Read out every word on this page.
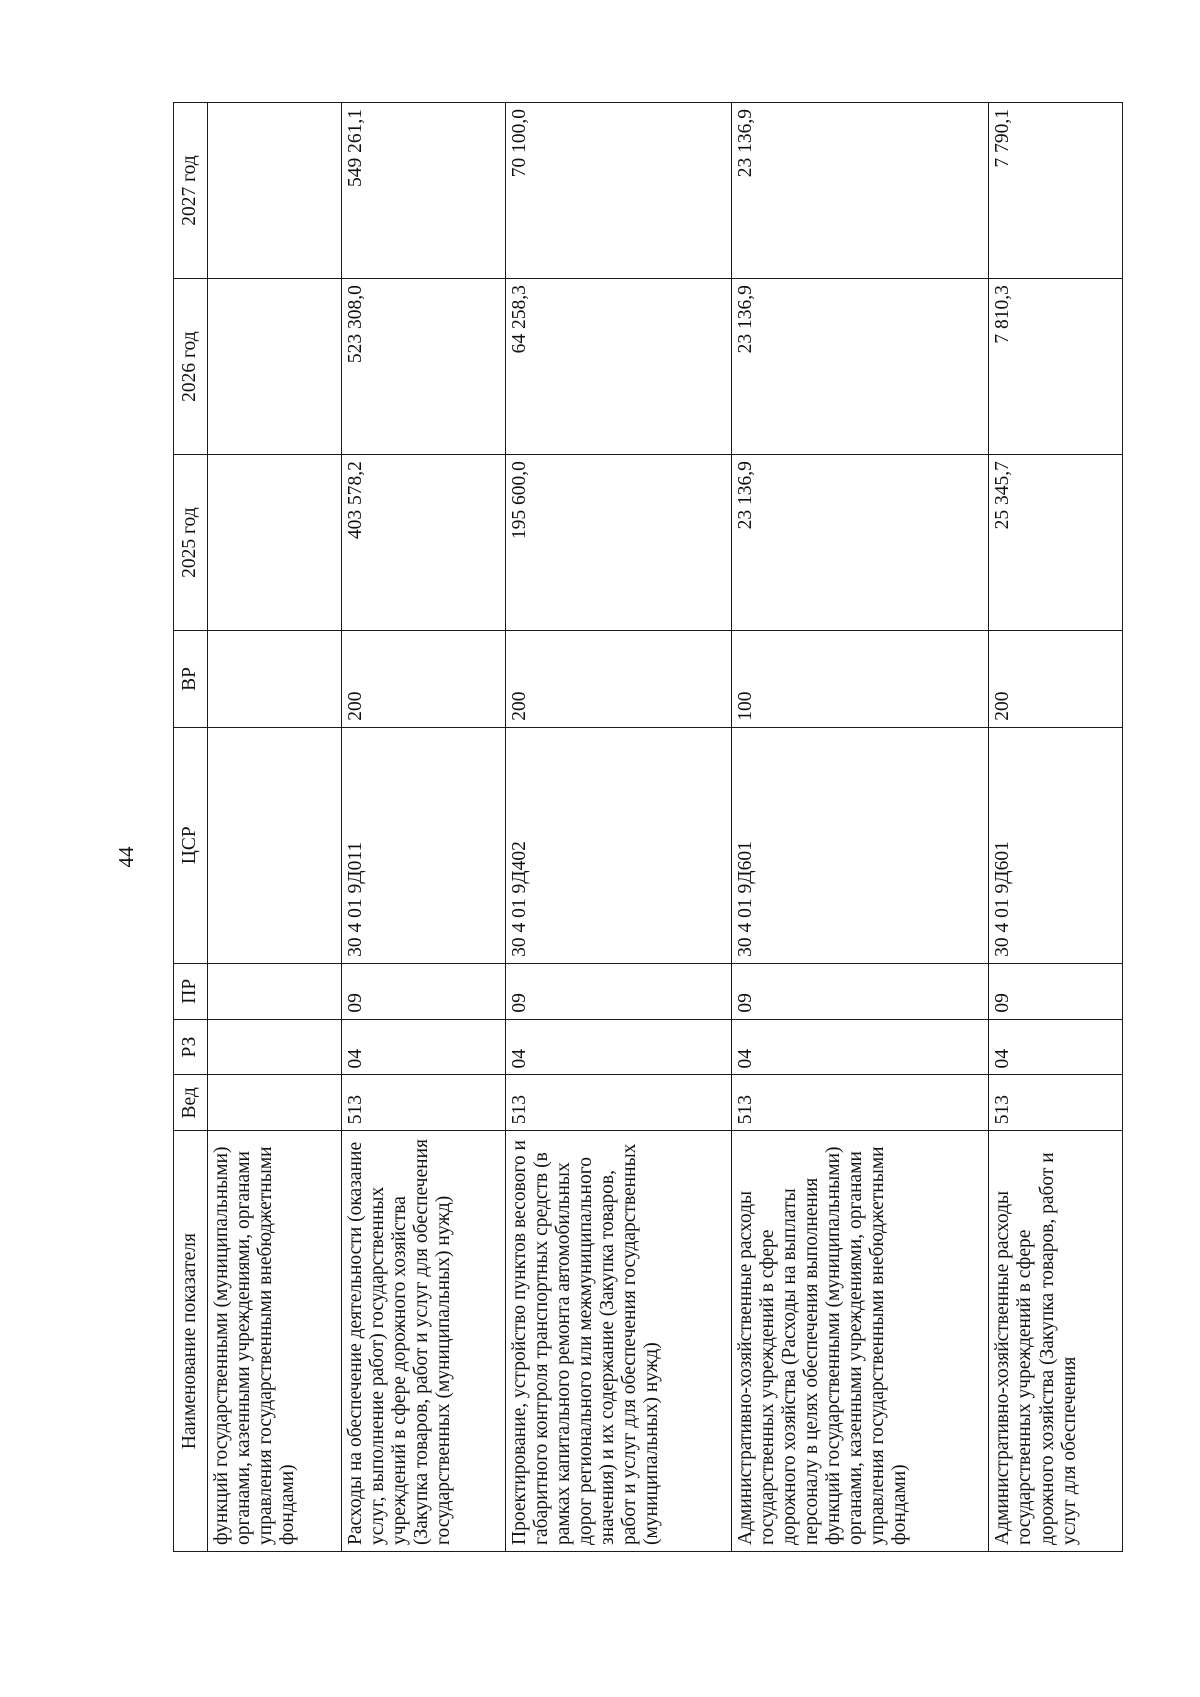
44
Наименование показателя	Вед	РЗ	ПР	ЦСР	ВР	2025 год	2026 год	2027 год
функций государственными (муниципальными) органами, казенными учреждениями, органами управления государственными внебюджетными фондами)								
Расходы на обеспечение деятельности (оказание услуг, выполнение работ) государственных учреждений в сфере дорожного хозяйства (Закупка товаров, работ и услуг для обеспечения государственных (муниципальных) нужд)	513	04	09	30 4 01 9Д011	200	403 578,2	523 308,0	549 261,1
Проектирование, устройство пунктов весового и габаритного контроля транспортных средств (в рамках капитального ремонта автомобильных дорог регионального или межмуниципального значения) и их содержание (Закупка товаров, работ и услуг для обеспечения государственных (муниципальных) нужд)	513	04	09	30 4 01 9Д402	200	195 600,0	64 258,3	70 100,0
Административно-хозяйственные расходы государственных учреждений в сфере дорожного хозяйства (Расходы на выплаты персоналу в целях обеспечения выполнения функций государственными (муниципальными) органами, казенными учреждениями, органами управления государственными внебюджетными фондами)	513	04	09	30 4 01 9Д601	100	23 136,9	23 136,9	23 136,9
Административно-хозяйственные расходы государственных учреждений в сфере дорожного хозяйства (Закупка товаров, работ и услуг для обеспечения	513	04	09	30 4 01 9Д601	200	25 345,7	7 810,3	7 790,1
